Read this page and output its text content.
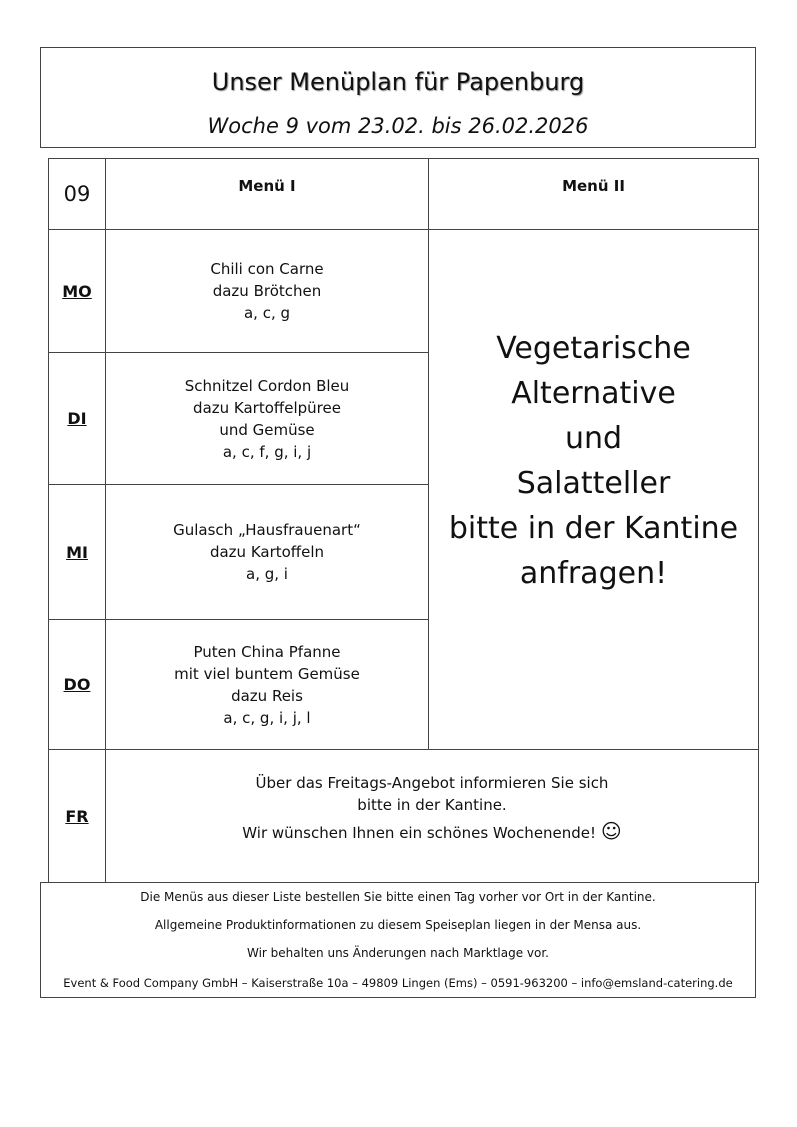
Unser Menüplan für Papenburg
Woche 9 vom 23.02. bis 26.02.2026
09	Menü I	Menü II
MO
Chili con Carne
dazu Brötchen
a, c, g
DI
Schnitzel Cordon Bleu
dazu Kartoffelpüree
und Gemüse
a, c, f, g, i, j
MI
Gulasch „Hausfrauenart“
dazu Kartoffeln
a, g, i
DO
Puten China Pfanne
mit viel buntem Gemüse
dazu Reis
a, c, g, i, j, l
Vegetarische
Alternative
und
Salatteller
bitte in der Kantine
anfragen!
FR
Über das Freitags-Angebot informieren Sie sich
bitte in der Kantine.
Wir wünschen Ihnen ein schönes Wochenende! ☺
Die Menüs aus dieser Liste bestellen Sie bitte einen Tag vorher vor Ort in der Kantine.
Allgemeine Produktinformationen zu diesem Speiseplan liegen in der Mensa aus.
Wir behalten uns Änderungen nach Marktlage vor.
Event & Food Company GmbH – Kaiserstraße 10a – 49809 Lingen (Ems) – 0591-963200 – info@emsland-catering.de
